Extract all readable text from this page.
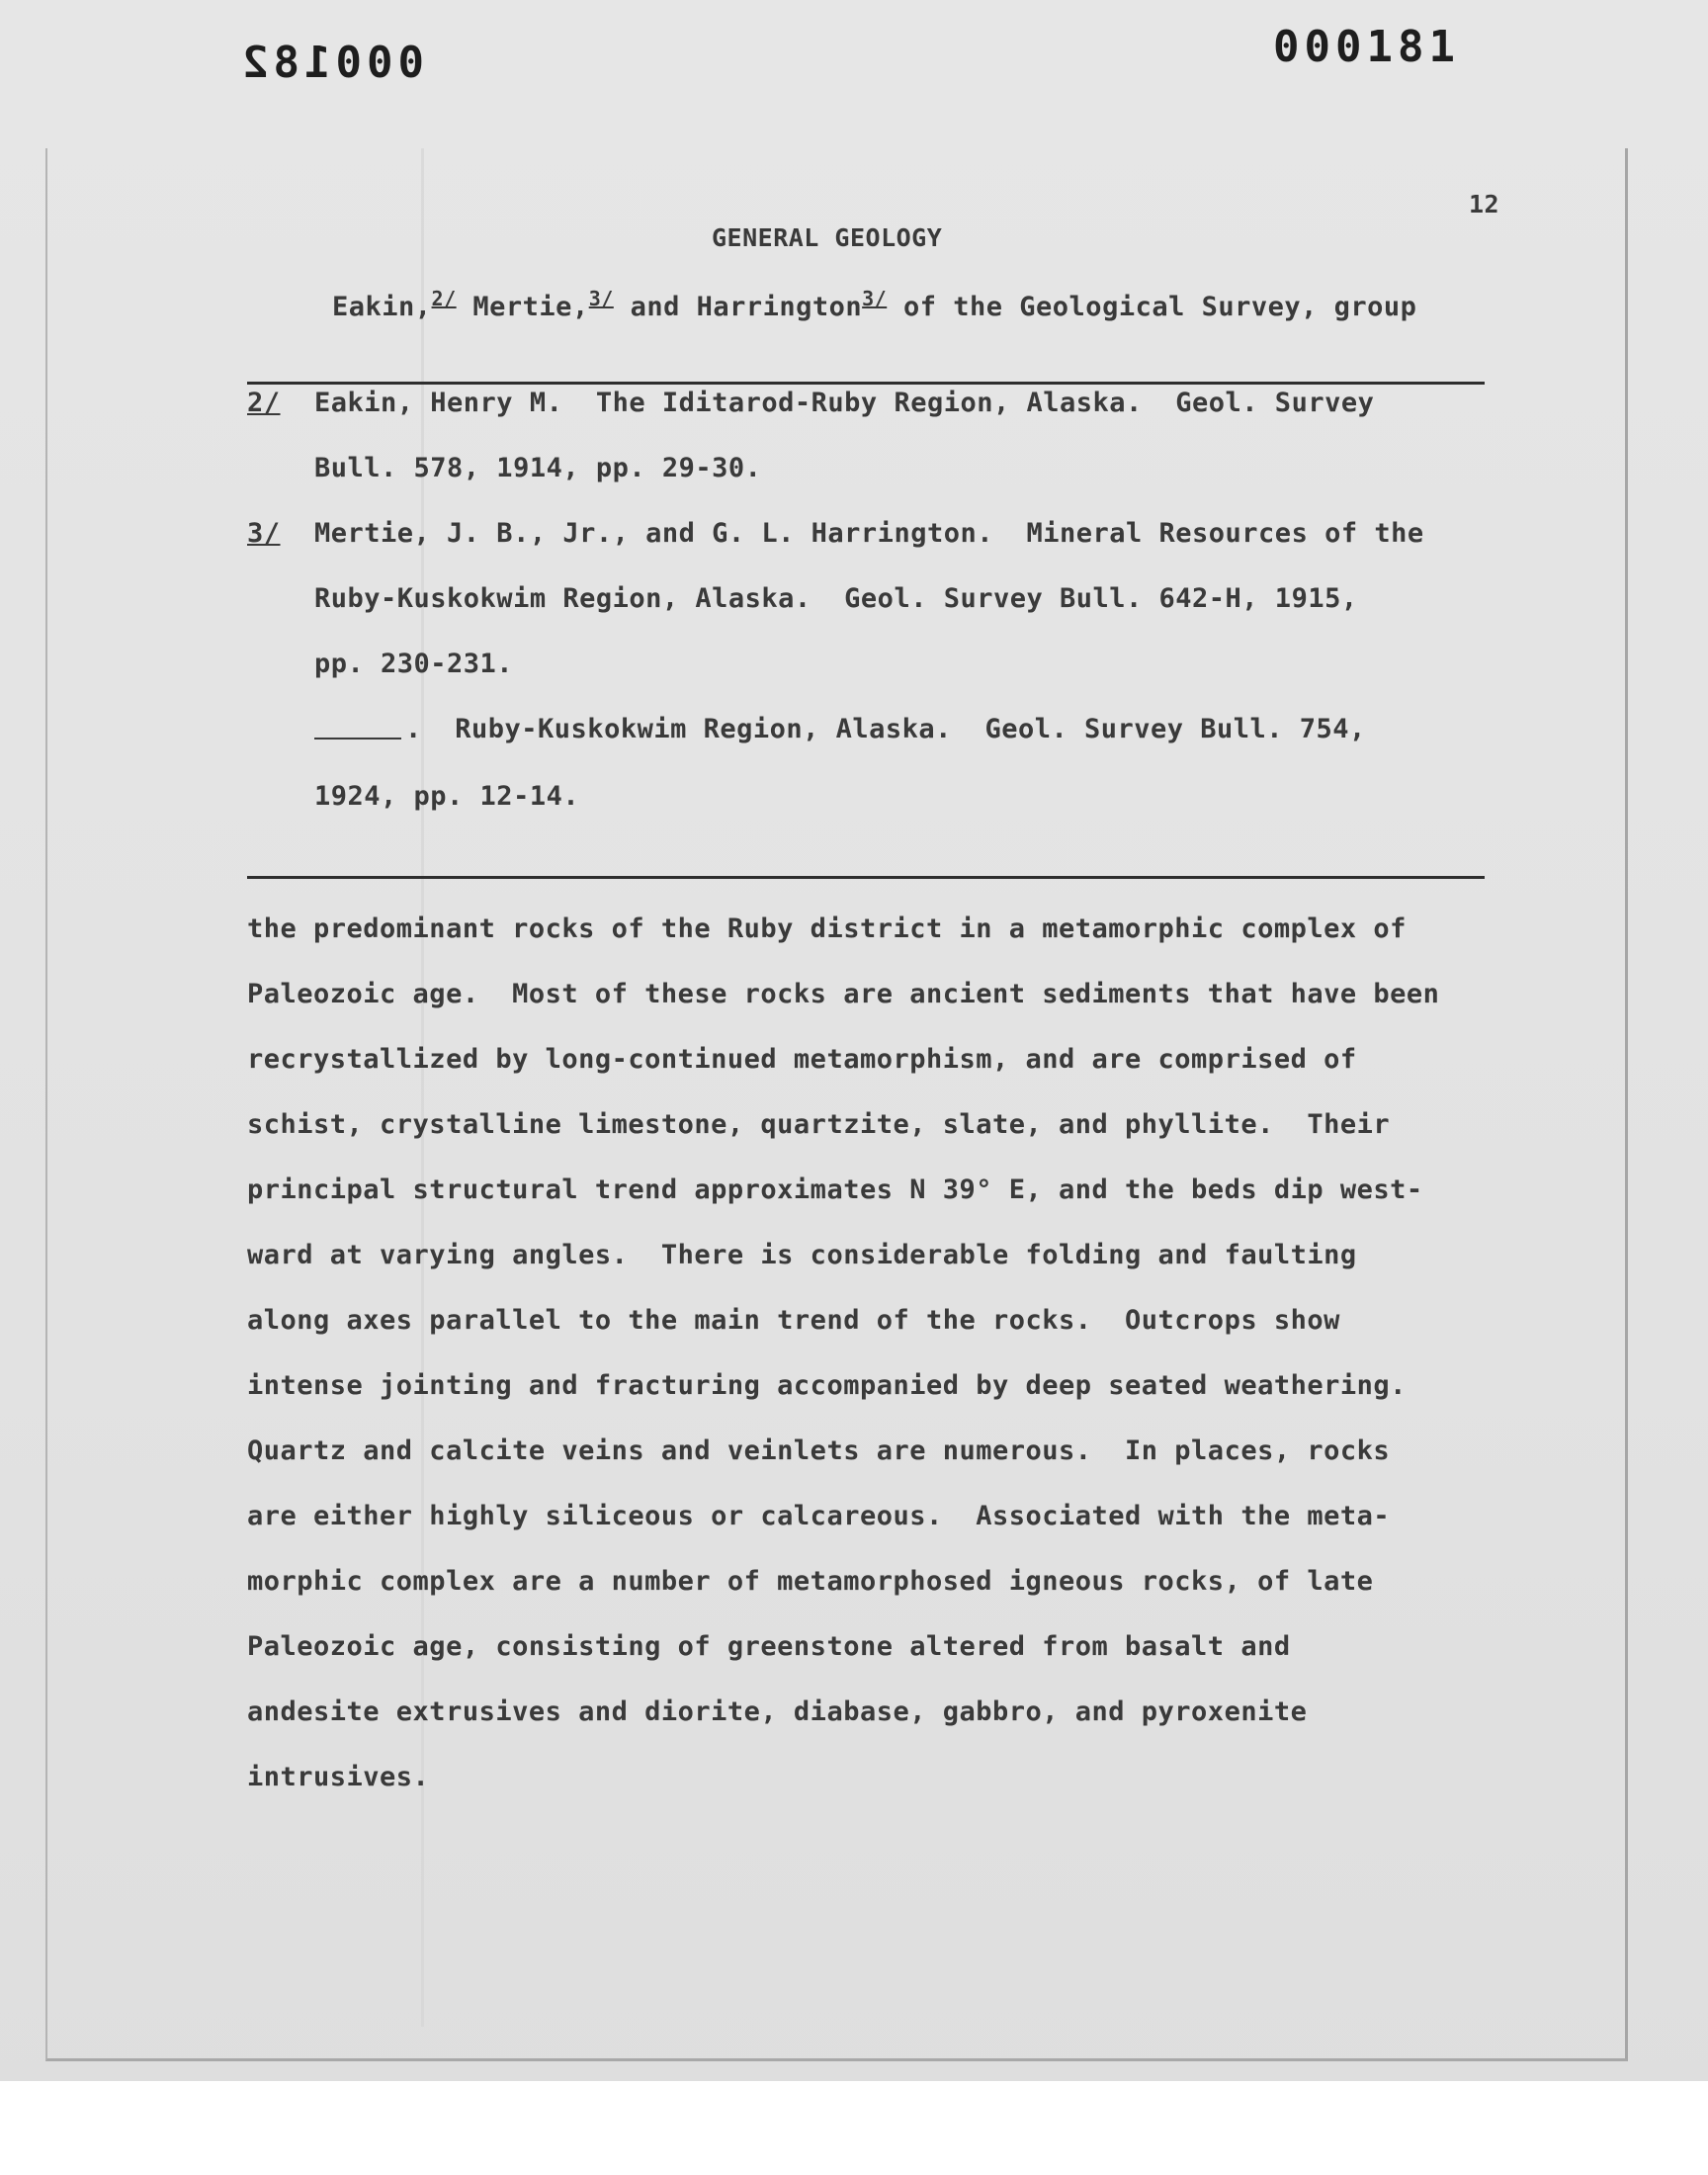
000182	000181
12
GENERAL GEOLOGY
Eakin,$^{2/}$ Mertie,$^{3/}$ and Harrington$^{3/}$ of the Geological Survey, group
2/ Eakin, Henry M.  The Iditarod-Ruby Region, Alaska.  Geol. Survey
Bull. 578, 1914, pp. 29-30.
3/ Mertie, J. B., Jr., and G. L. Harrington.  Mineral Resources of the
Ruby-Kuskokwim Region, Alaska.  Geol. Survey Bull. 642-H, 1915,
pp. 230-231.
.  Ruby-Kuskokwim Region, Alaska.  Geol. Survey Bull. 754,
1924, pp. 12-14.
the predominant rocks of the Ruby district in a metamorphic complex of
Paleozoic age.  Most of these rocks are ancient sediments that have been
recrystallized by long-continued metamorphism, and are comprised of
schist, crystalline limestone, quartzite, slate, and phyllite.  Their
principal structural trend approximates N 39° E, and the beds dip west-
ward at varying angles.  There is considerable folding and faulting
along axes parallel to the main trend of the rocks.  Outcrops show
intense jointing and fracturing accompanied by deep seated weathering.
Quartz and calcite veins and veinlets are numerous.  In places, rocks
are either highly siliceous or calcareous.  Associated with the meta-
morphic complex are a number of metamorphosed igneous rocks, of late
Paleozoic age, consisting of greenstone altered from basalt and
andesite extrusives and diorite, diabase, gabbro, and pyroxenite
intrusives.
